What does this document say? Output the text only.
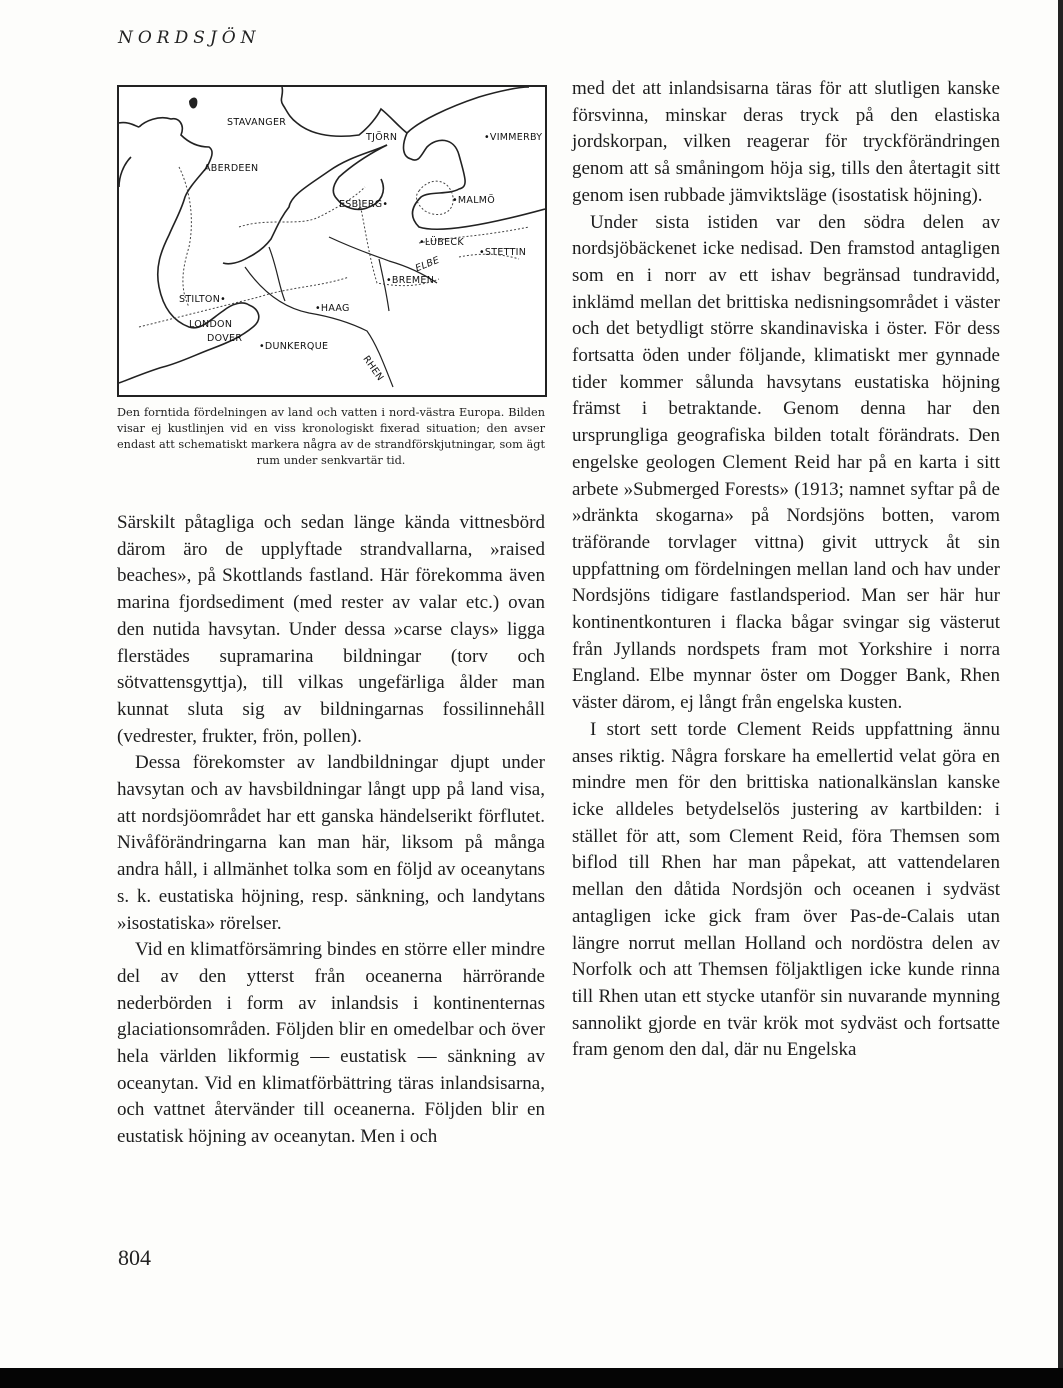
NORDSJÖN
STAVANGER
TJÖRN	•VIMMERBY
ABERDEEN
ESBJERG•	•MALMÖ
•LÜBECK
•STETTIN
ELBE
•BREMEN
STILTON•
•HAAG
LONDON
DOVER
•DUNKERQUE
RHEN
Den forntida fördelningen av land och vatten i nord-västra Europa. Bilden visar ej kustlinjen vid en viss kronologiskt fixerad situation; den avser endast att schematiskt markera några av de strandförskjutningar, som ägt rum under senkvartär tid.

Särskilt påtagliga och sedan länge kända vittnesbörd därom äro de upplyftade strandvallarna, »raised beaches», på Skottlands fastland. Här förekomma även marina fjordsediment (med rester av valar etc.) ovan den nutida havsytan. Under dessa »carse clays» ligga flerstädes supramarina bildningar (torv och sötvattensgyttja), till vilkas ungefärliga ålder man kunnat sluta sig av bildningarnas fossilinnehåll (vedrester, frukter, frön, pollen).

Dessa förekomster av landbildningar djupt under havsytan och av havsbildningar långt upp på land visa, att nordsjöområdet har ett ganska händelserikt förflutet. Nivåförändringarna kan man här, liksom på många andra håll, i allmänhet tolka som en följd av oceanytans s. k. eustatiska höjning, resp. sänkning, och landytans »isostatiska» rörelser.

Vid en klimatförsämring bindes en större eller mindre del av den ytterst från oceanerna härrörande nederbörden i form av inlandsis i kontinenternas glaciationsområden. Följden blir en omedelbar och över hela världen likformig — eustatisk — sänkning av oceanytan. Vid en klimatförbättring täras inlandsisarna, och vattnet återvänder till oceanerna. Följden blir en eustatisk höjning av oceanytan. Men i och

med det att inlandsisarna täras för att slutligen kanske försvinna, minskar deras tryck på den elastiska jordskorpan, vilken reagerar för tryckförändringen genom att så småningom höja sig, tills den återtagit sitt genom isen rubbade jämviktsläge (isostatisk höjning).

Under sista istiden var den södra delen av nordsjöbäckenet icke nedisad. Den framstod antagligen som en i norr av ett ishav begränsad tundravidd, inklämd mellan det brittiska nedisningsområdet i väster och det betydligt större skandinaviska i öster. För dess fortsatta öden under följande, klimatiskt mer gynnade tider kommer sålunda havsytans eustatiska höjning främst i betraktande. Genom denna har den ursprungliga geografiska bilden totalt förändrats. Den engelske geologen Clement Reid har på en karta i sitt arbete »Submerged Forests» (1913; namnet syftar på de »dränkta skogarna» på Nordsjöns botten, varom träförande torvlager vittna) givit uttryck åt sin uppfattning om fördelningen mellan land och hav under Nordsjöns tidigare fastlandsperiod. Man ser här hur kontinentkonturen i flacka bågar svingar sig västerut från Jyllands nordspets fram mot Yorkshire i norra England. Elbe mynnar öster om Dogger Bank, Rhen väster därom, ej långt från engelska kusten.

I stort sett torde Clement Reids uppfattning ännu anses riktig. Några forskare ha emellertid velat göra en mindre men för den brittiska nationalkänslan kanske icke alldeles betydelselös justering av kartbilden: i stället för att, som Clement Reid, föra Themsen som biflod till Rhen har man påpekat, att vattendelaren mellan den dåtida Nordsjön och oceanen i sydväst antagligen icke gick fram över Pas-de-Calais utan längre norrut mellan Holland och nordöstra delen av Norfolk och att Themsen följaktligen icke kunde rinna till Rhen utan ett stycke utanför sin nuvarande mynning sannolikt gjorde en tvär krök mot sydväst och fortsatte fram genom den dal, där nu Engelska

804
